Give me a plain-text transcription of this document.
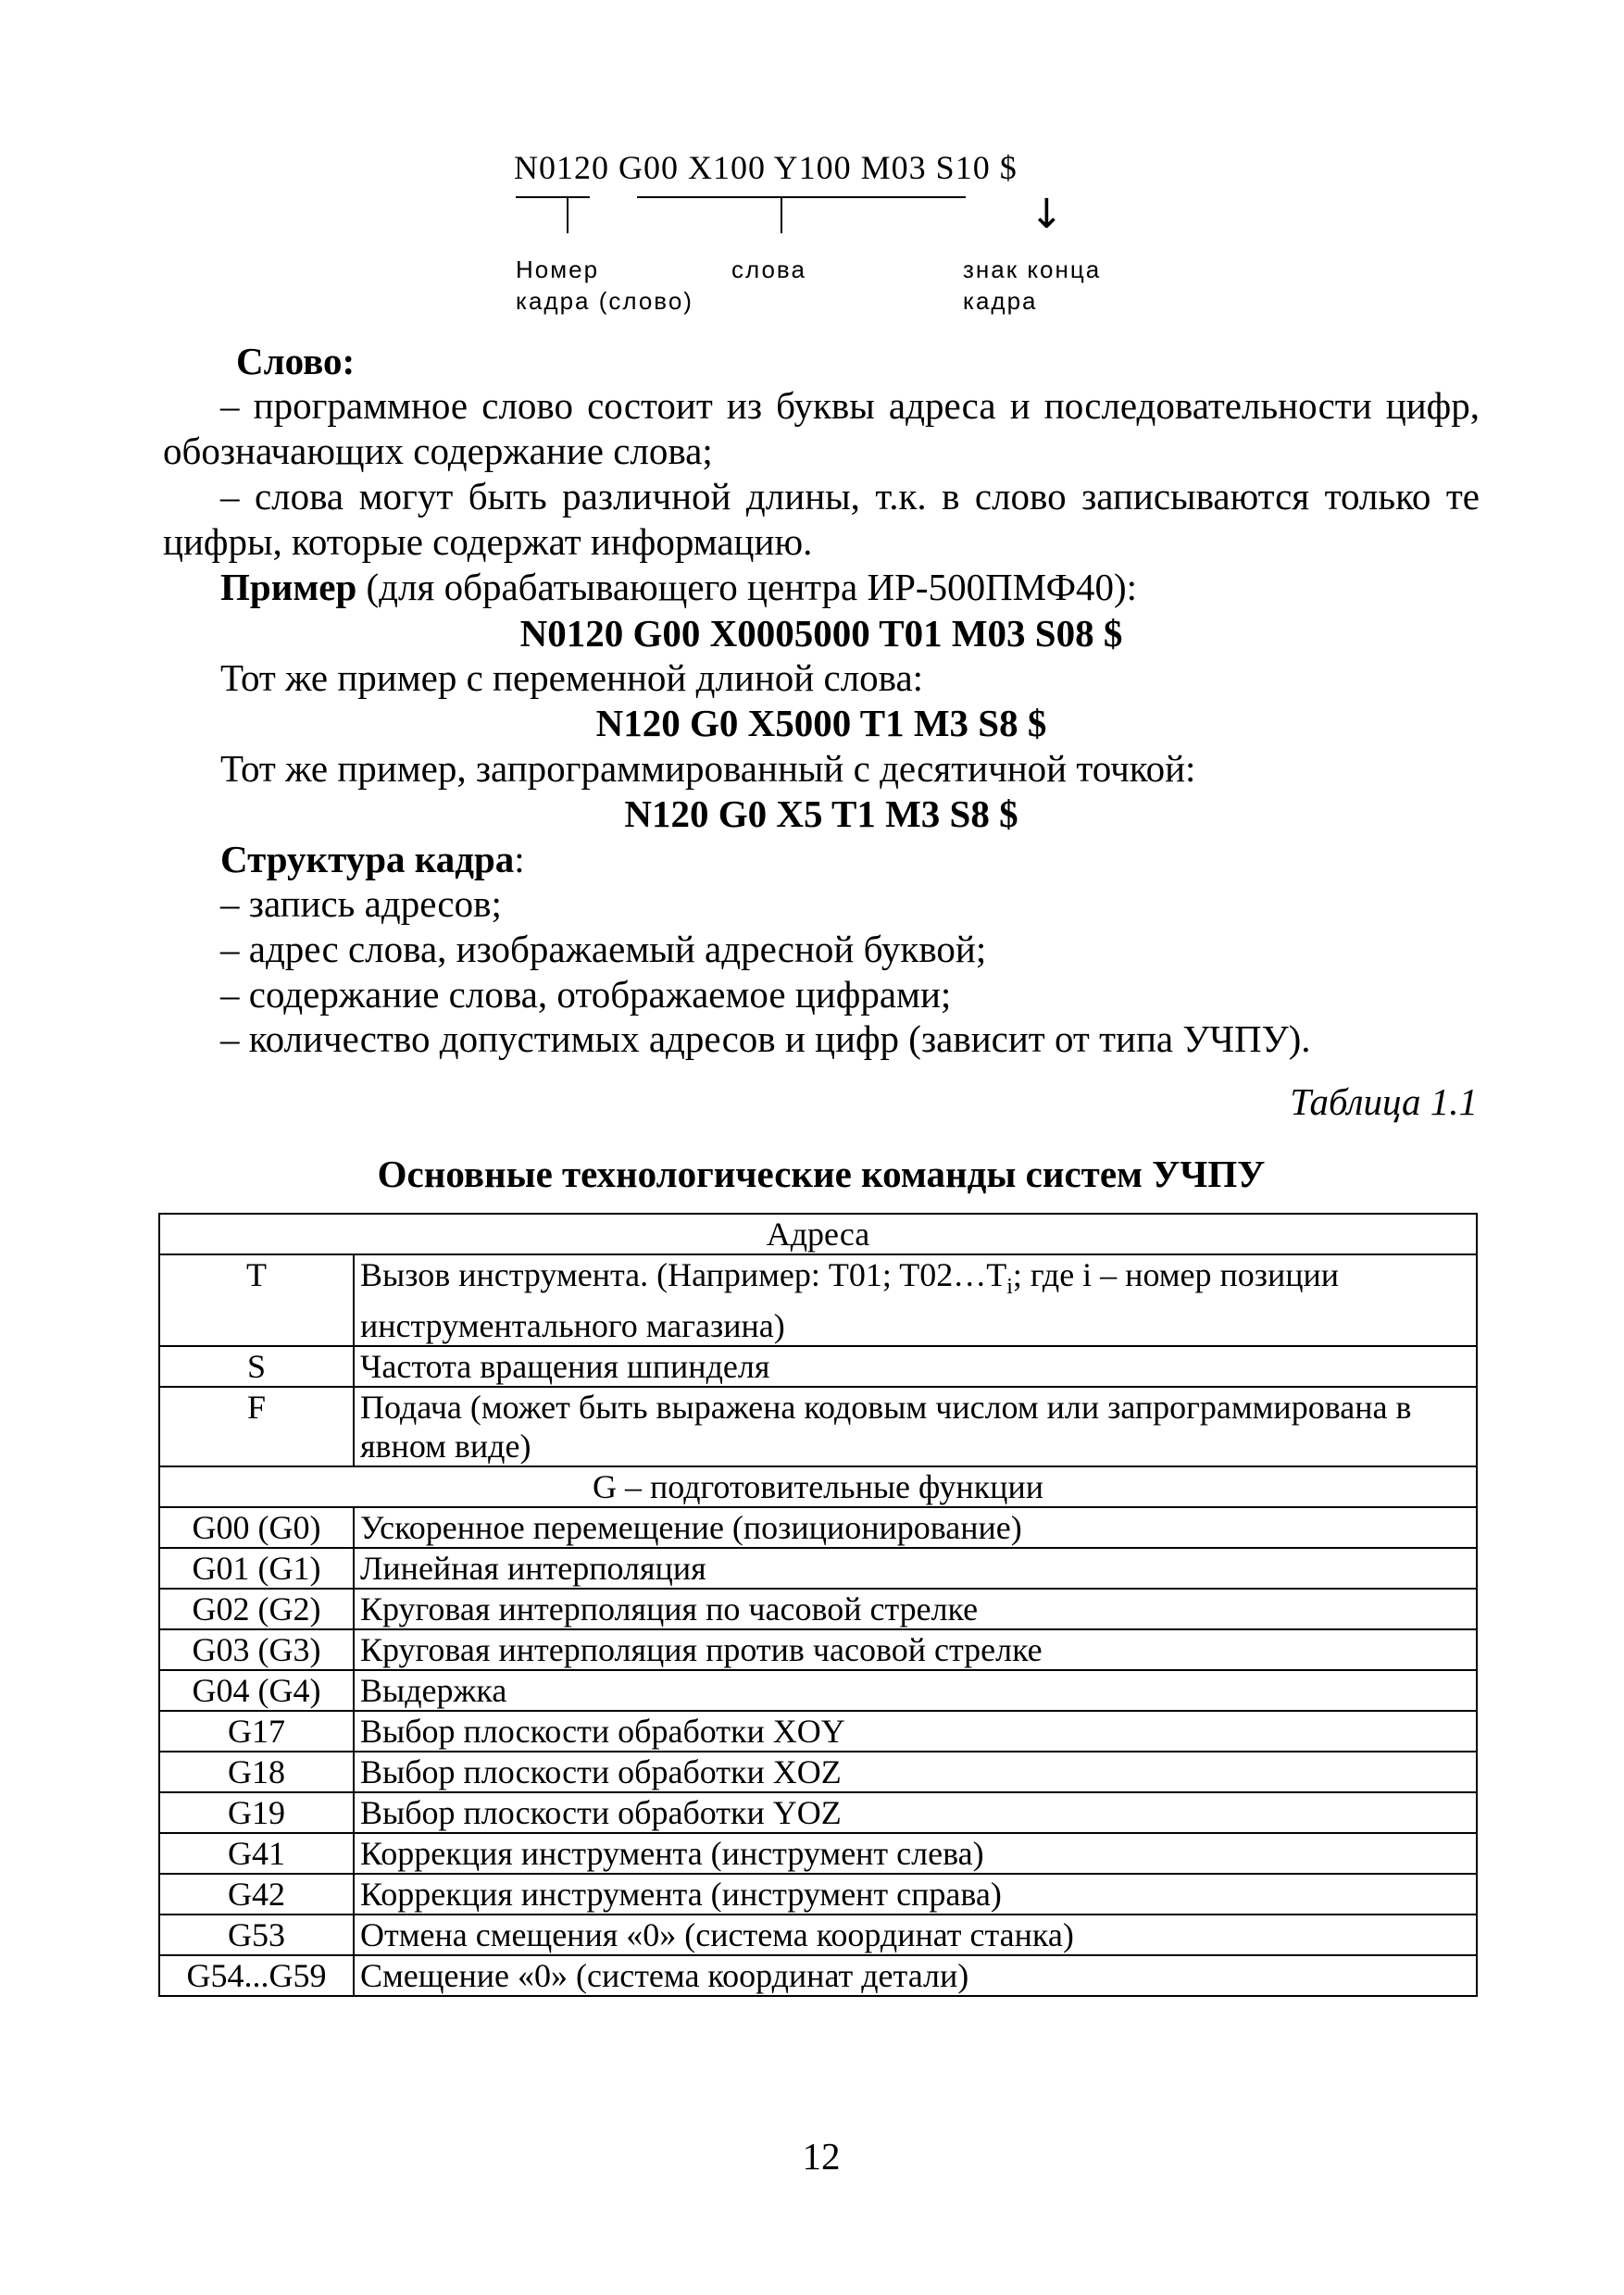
N0120 G00 X100 Y100 M03 S10 $
↓
Номер
кадра (слово)
слова	знак конца
кадра
Слово:
– программное слово состоит из буквы адреса и последовательности цифр, обозначающих содержание слова;
– слова могут быть различной длины, т.к. в слово записываются только те цифры, которые содержат информацию.
Пример (для обрабатывающего центра ИР-500ПМФ40):
N0120 G00 X0005000 T01 M03 S08 $
Тот же пример с переменной длиной слова:
N120 G0 X5000 T1 M3 S8 $
Тот же пример, запрограммированный с десятичной точкой:
N120 G0 X5 T1 M3 S8 $
Структура кадра:
– запись адресов;
– адрес слова, изображаемый адресной буквой;
– содержание слова, отображаемое цифрами;
– количество допустимых адресов и цифр (зависит от типа УЧПУ).
Таблица 1.1
Основные технологические команды систем УЧПУ
Адреса	
T	Вызов инструмента. (Например: T01; $T02\dots T_i$; где i – номер позиции инструментального магазина)
S	Частота вращения шпинделя
F	Подача (может быть выражена кодовым числом или запрограммирована в явном виде)
G – подготовительные функции	
G00 (G0)	Ускоренное перемещение (позиционирование)
G01 (G1)	Линейная интерполяция
G02 (G2)	Круговая интерполяция по часовой стрелке
G03 (G3)	Круговая интерполяция против часовой стрелке
G04 (G4)	Выдержка
G17	Выбор плоскости обработки XOY
G18	Выбор плоскости обработки XOZ
G19	Выбор плоскости обработки YOZ
G41	Коррекция инструмента (инструмент слева)
G42	Коррекция инструмента (инструмент справа)
G53	Отмена смещения «0» (система координат станка)
G54...G59	Смещение «0» (система координат детали)
12
